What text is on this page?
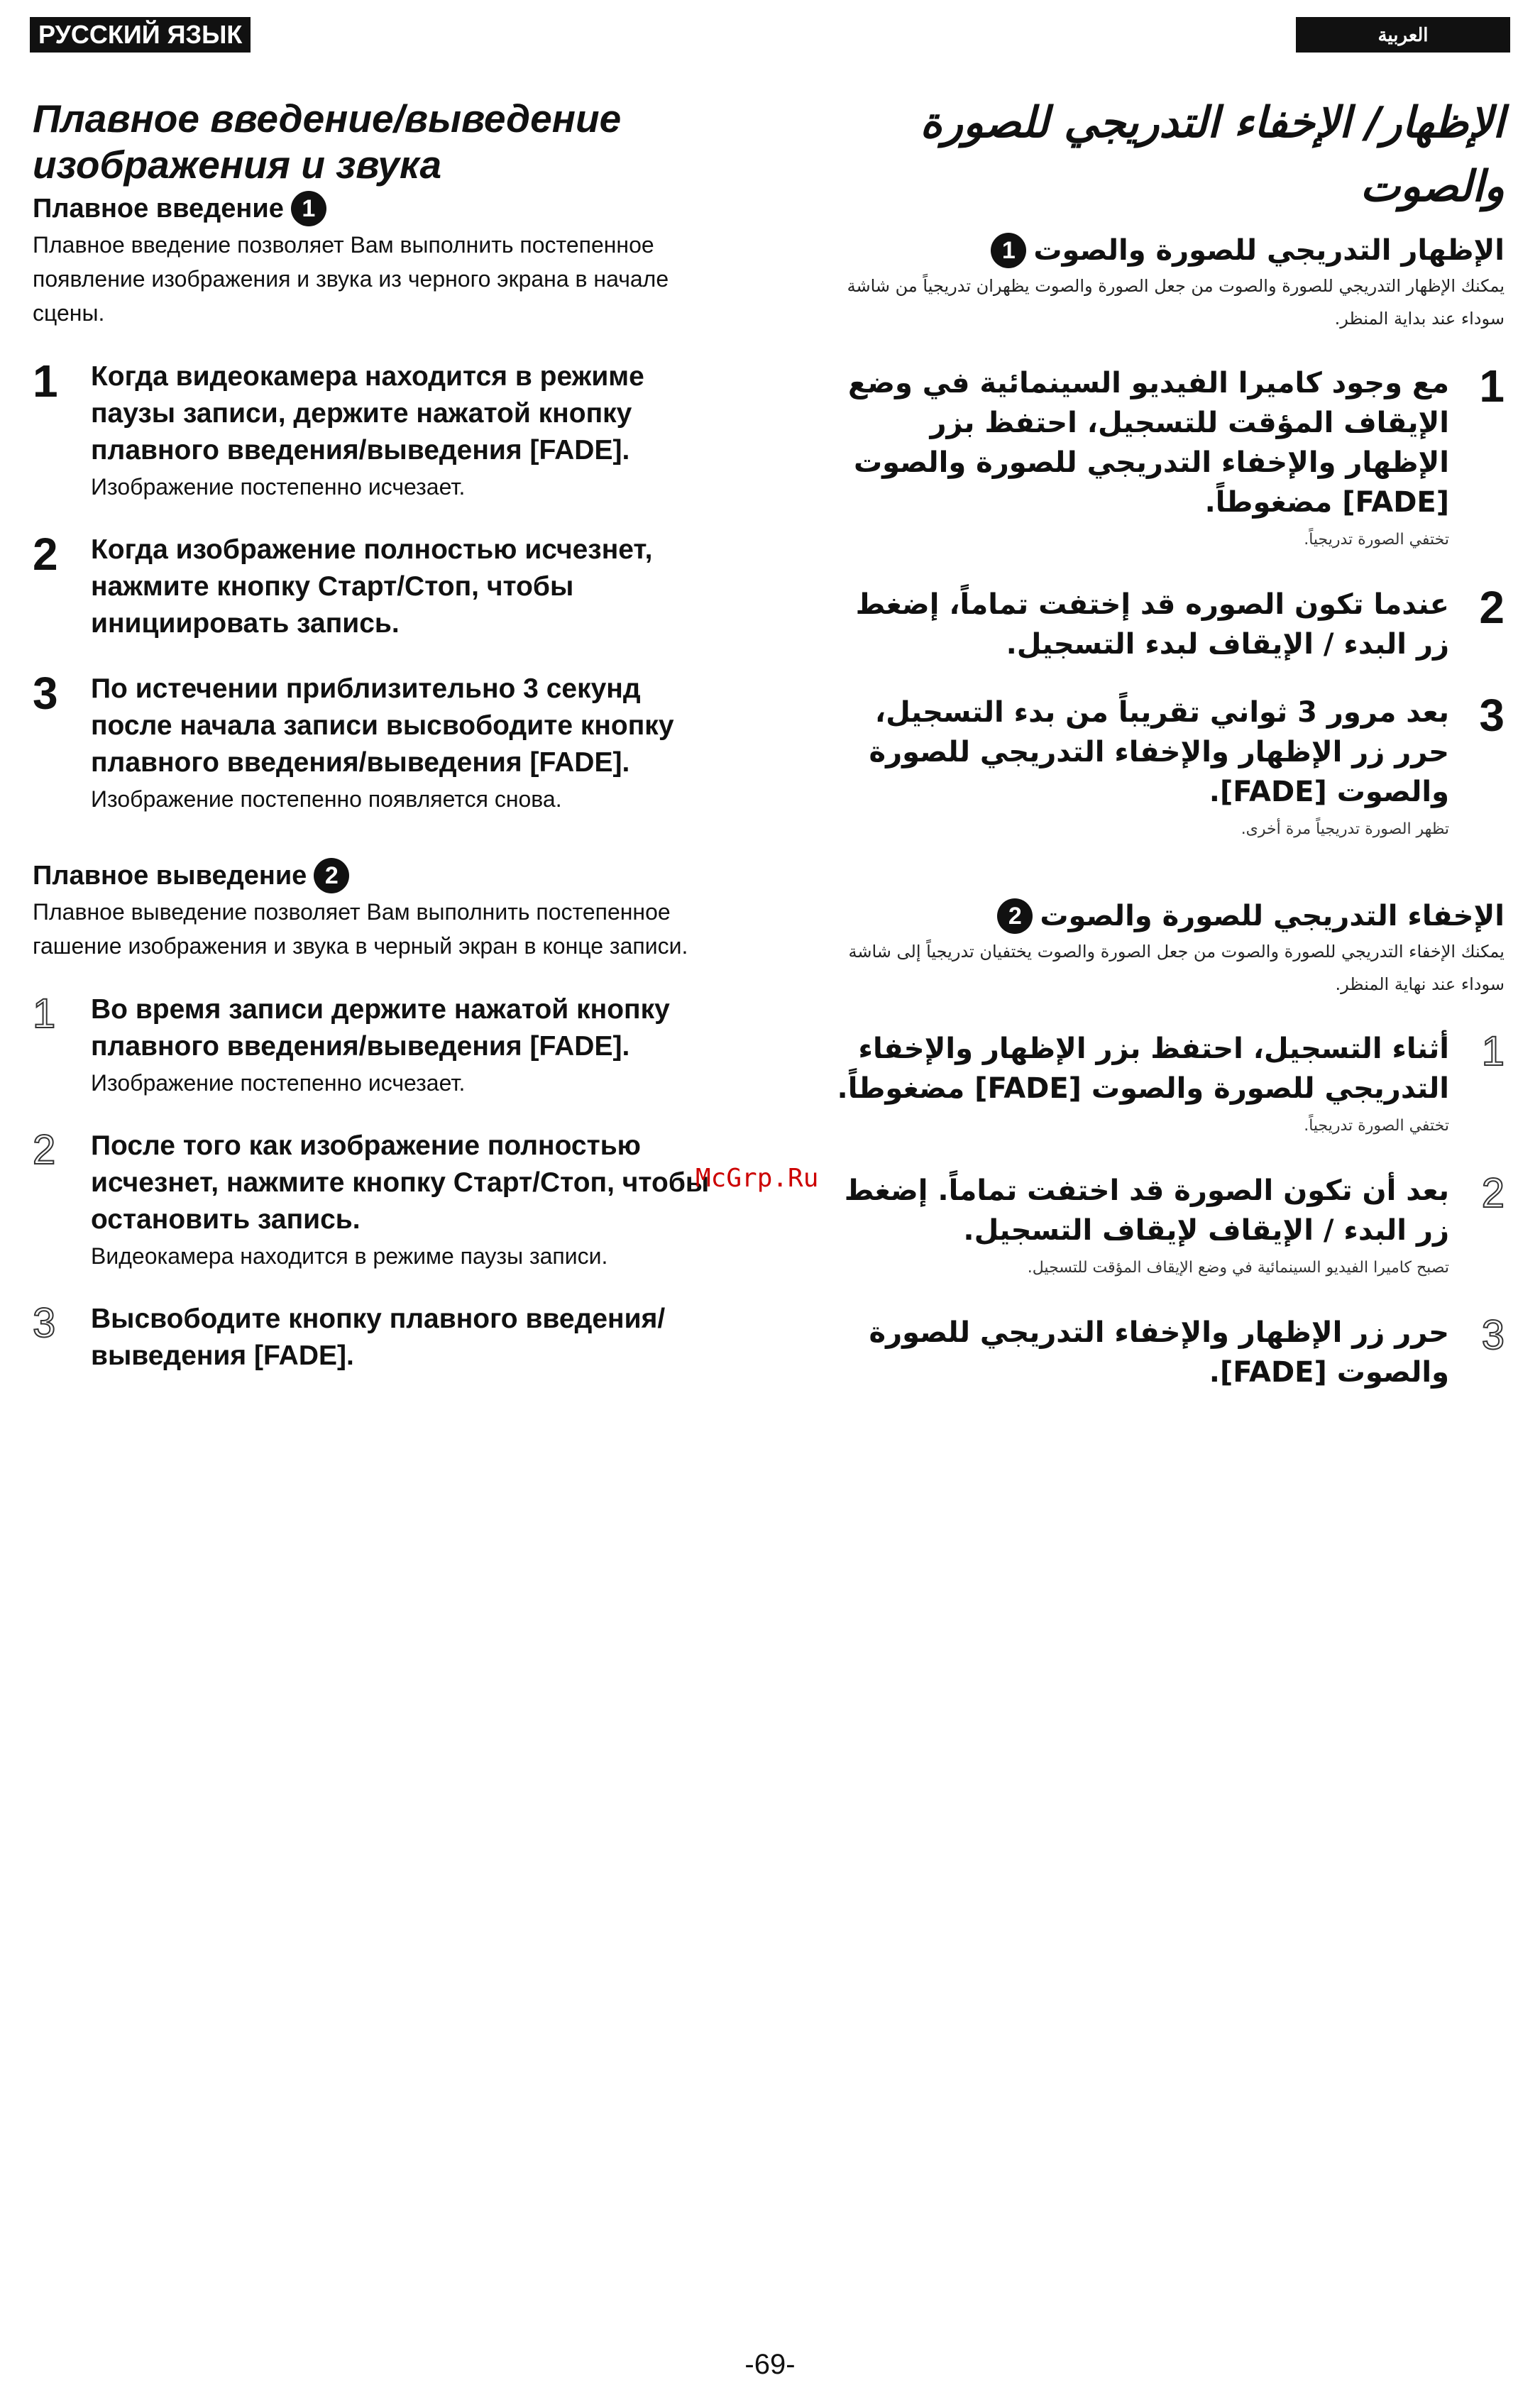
РУССКИЙ ЯЗЫК	العربية
Плавное введение/выведение изображения и звука
Плавное введение 1

Плавное введение позволяет Вам выполнить постепенное появление изображения и звука из черного экрана в начале сцены.

1	Когда видеокамера находится в режиме паузы записи, держите нажатой кнопку плавного введения/выведения [FADE].
Изображение постепенно исчезает.
2	Когда изображение полностью исчезнет, нажмите кнопку Старт/Стоп, чтобы инициировать запись.
3	По истечении приблизительно 3 секунд после начала записи высвободите кнопку плавного введения/выведения [FADE].
Изображение постепенно появляется снова.
Плавное выведение 2

Плавное выведение позволяет Вам выполнить постепенное гашение изображения и звука в черный экран в конце записи.

1	Во время записи держите нажатой кнопку плавного введения/выведения [FADE].
Изображение постепенно исчезает.
2	После того как изображение полностью исчезнет, нажмите кнопку Старт/Стоп, чтобы остановить запись.
Видеокамера находится в режиме паузы записи.
3	Высвободите кнопку плавного введения/выведения [FADE].
الإظهار/ الإخفاء التدريجي للصورة والصوت
الإظهار التدريجي للصورة والصوت
1

يمكنك الإظهار التدريجي للصورة والصوت من جعل الصورة والصوت يظهران تدريجياً من شاشة سوداء عند بداية المنظر.

1
مع وجود كاميرا الفيديو السينمائية في وضع الإيقاف المؤقت للتسجيل، احتفظ بزر الإظهار والإخفاء التدريجي للصورة والصوت [FADE] مضغوطاً.
تختفي الصورة تدريجياً.
2
عندما تكون الصوره قد إختفت تماماً، إضغط زر البدء / الإيقاف لبدء التسجيل.
3
بعد مرور 3 ثواني تقريباً من بدء التسجيل، حرر زر الإظهار والإخفاء التدريجي للصورة والصوت [FADE].
تظهر الصورة تدريجياً مرة أخرى.
الإخفاء التدريجي للصورة والصوت
2

يمكنك الإخفاء التدريجي للصورة والصوت من جعل الصورة والصوت يختفيان تدريجياً إلى شاشة سوداء عند نهاية المنظر.

1
أثناء التسجيل، احتفظ بزر الإظهار والإخفاء التدريجي للصورة والصوت [FADE] مضغوطاً.
تختفي الصورة تدريجياً.
2
بعد أن تكون الصورة قد اختفت تماماً. إضغط زر البدء / الإيقاف لإيقاف التسجيل.
تصبح كاميرا الفيديو السينمائية في وضع الإيقاف المؤقت للتسجيل.
3
حرر زر الإظهار والإخفاء التدريجي للصورة والصوت [FADE].
McGrp.Ru
-69-
